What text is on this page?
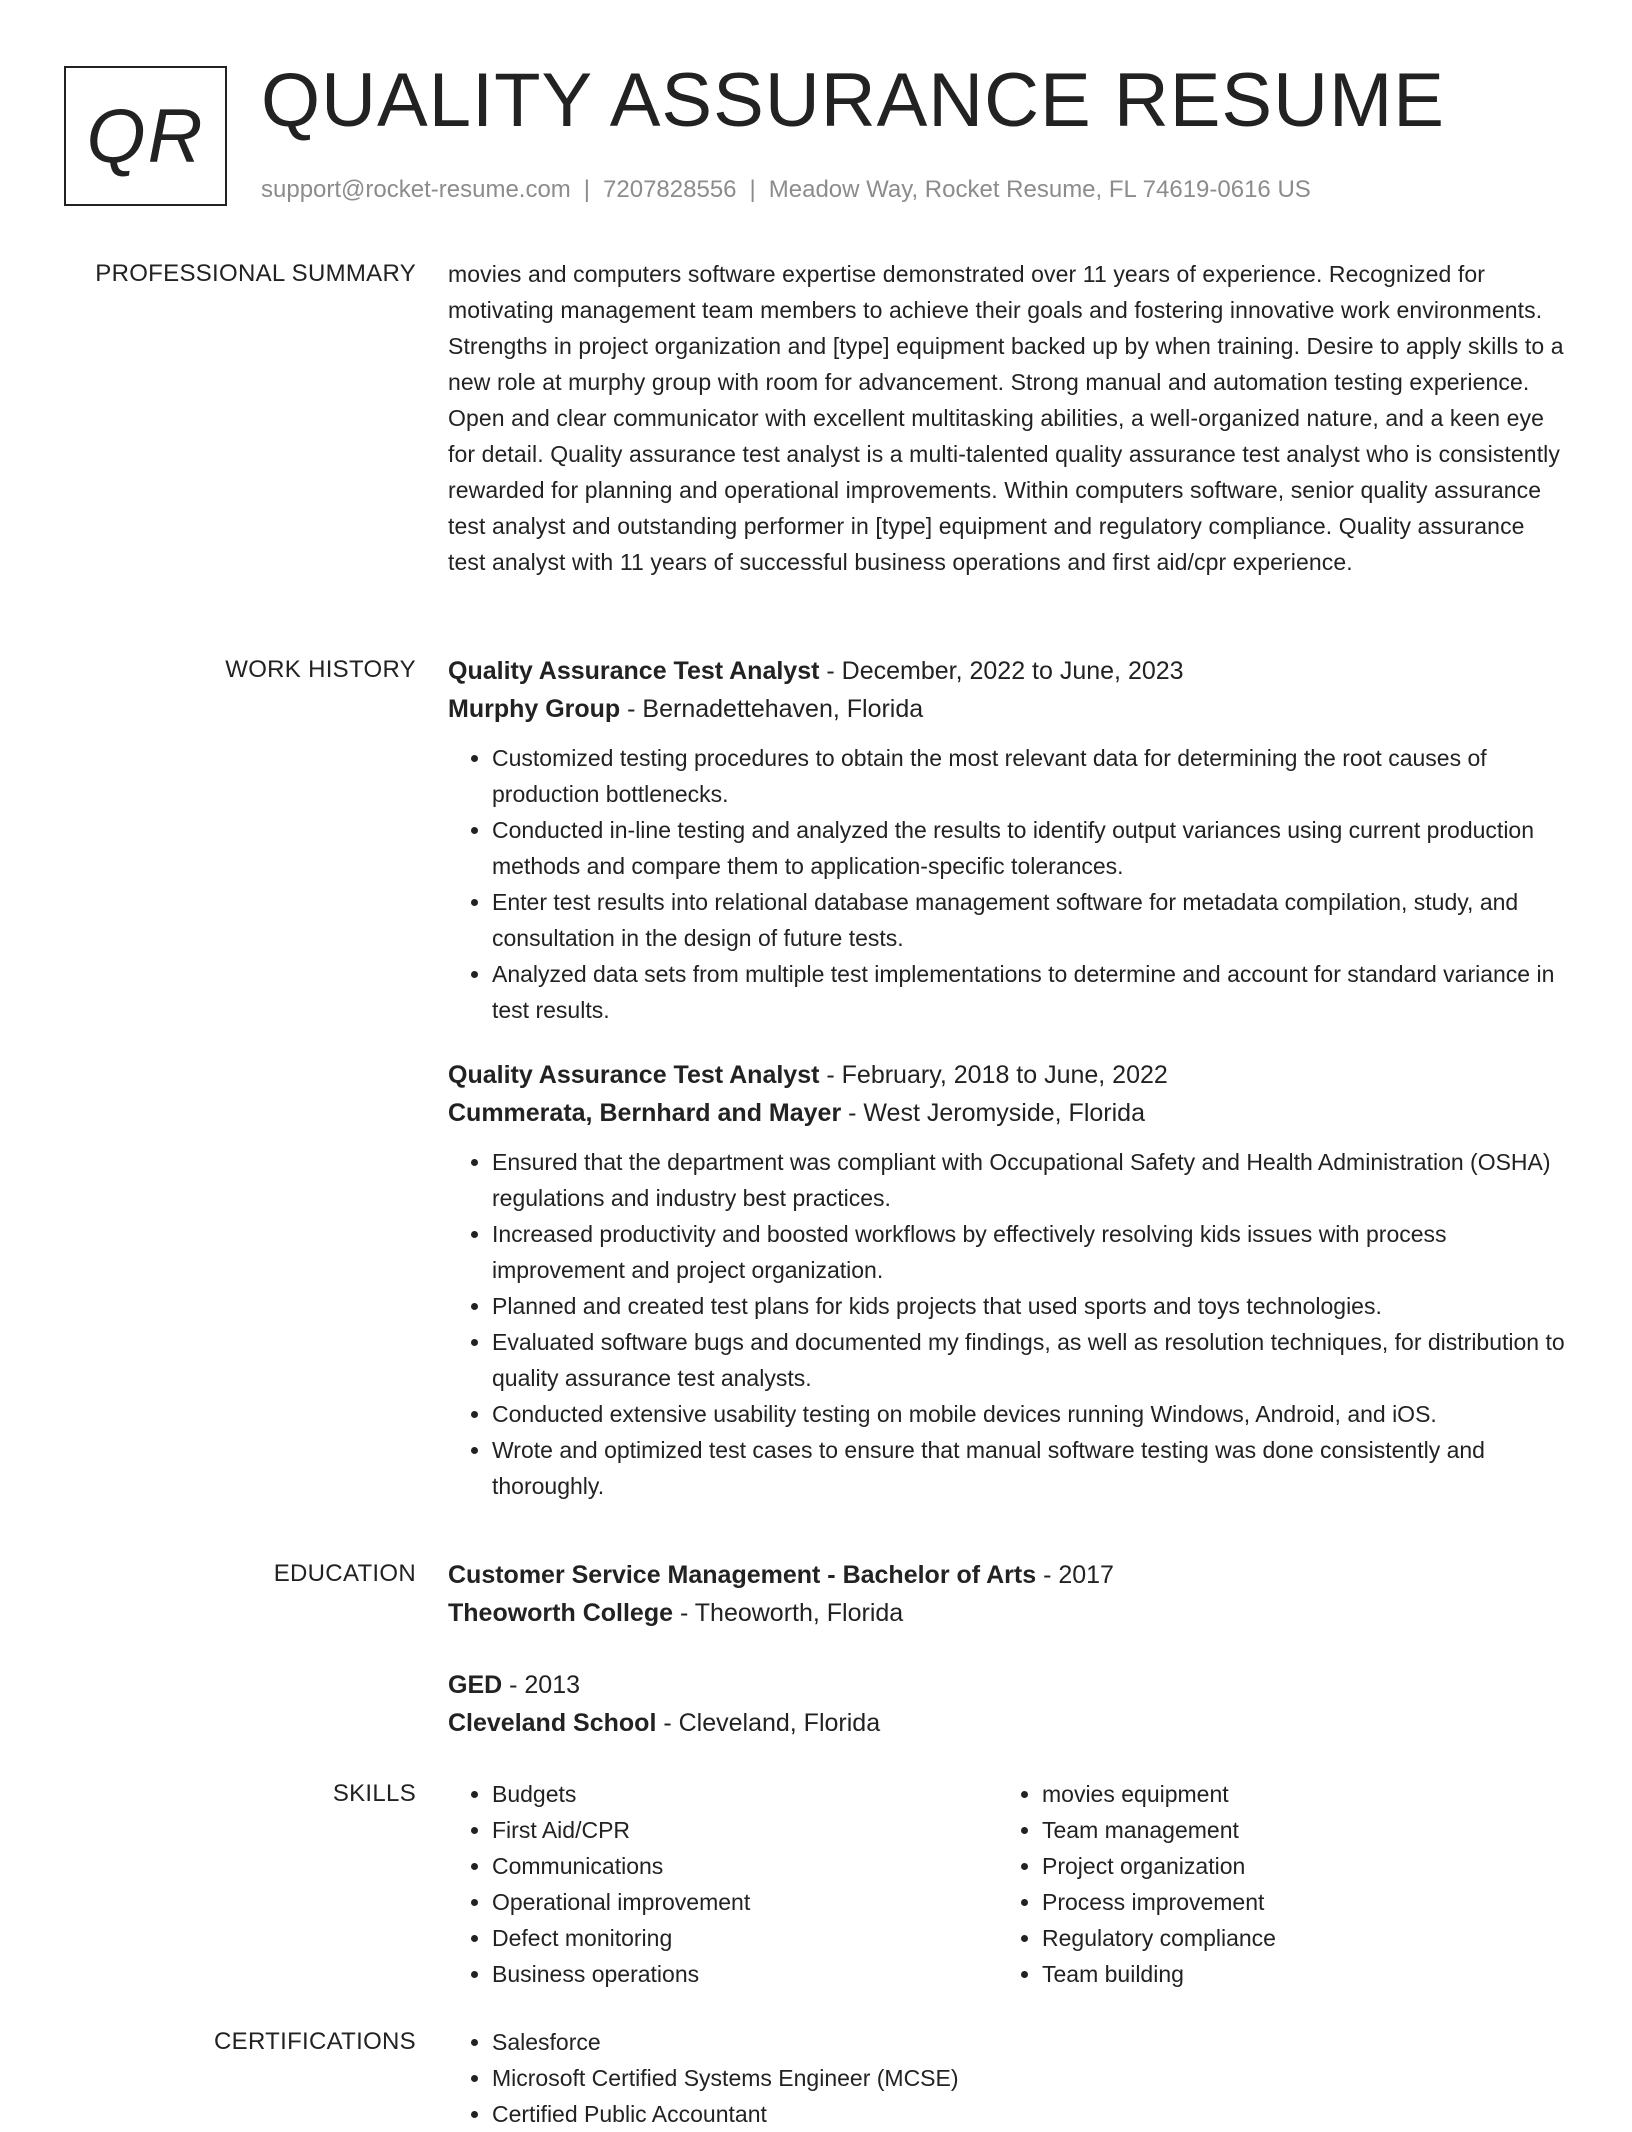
QR QUALITY ASSURANCE RESUME
support@rocket-resume.com | 7207828556 | Meadow Way, Rocket Resume, FL 74619-0616 US
PROFESSIONAL SUMMARY movies and computers software expertise demonstrated over 11 years of experience. Recognized for motivating management team members to achieve their goals and fostering innovative work environments. Strengths in project organization and [type] equipment backed up by when training. Desire to apply skills to a new role at murphy group with room for advancement. Strong manual and automation testing experience. Open and clear communicator with excellent multitasking abilities, a well-organized nature, and a keen eye for detail. Quality assurance test analyst is a multi-talented quality assurance test analyst who is consistently rewarded for planning and operational improvements. Within computers software, senior quality assurance test analyst and outstanding performer in [type] equipment and regulatory compliance. Quality assurance test analyst with 11 years of successful business operations and first aid/cpr experience.

WORK HISTORY Quality Assurance Test Analyst - December, 2022 to June, 2023

Murphy Group - Bernadettehaven, Florida

• Customized testing procedures to obtain the most relevant data for determining the root causes of production bottlenecks.
• Conducted in-line testing and analyzed the results to identify output variances using current production methods and compare them to application-specific tolerances.
• Enter test results into relational database management software for metadata compilation, study, and consultation in the design of future tests.
• Analyzed data sets from multiple test implementations to determine and account for standard variance in test results.

Quality Assurance Test Analyst - February, 2018 to June, 2022

Cummerata, Bernhard and Mayer - West Jeromyside, Florida

• Ensured that the department was compliant with Occupational Safety and Health Administration (OSHA) regulations and industry best practices.
• Increased productivity and boosted workflows by effectively resolving kids issues with process improvement and project organization.
• Planned and created test plans for kids projects that used sports and toys technologies.
• Evaluated software bugs and documented my findings, as well as resolution techniques, for distribution to quality assurance test analysts.
• Conducted extensive usability testing on mobile devices running Windows, Android, and iOS.
• Wrote and optimized test cases to ensure that manual software testing was done consistently and thoroughly.
EDUCATION Customer Service Management - Bachelor of Arts - 2017

Theoworth College - Theoworth, Florida

GED - 2013

Cleveland School - Cleveland, Florida

SKILLS	• Budgets
• First Aid/CPR
• Communications
• Operational improvement
• Defect monitoring
• Business operations
• movies equipment
• Team management
• Project organization
• Process improvement
• Regulatory compliance
• Team building
CERTIFICATIONS	• Salesforce
• Microsoft Certified Systems Engineer (MCSE)
• Certified Public Accountant
